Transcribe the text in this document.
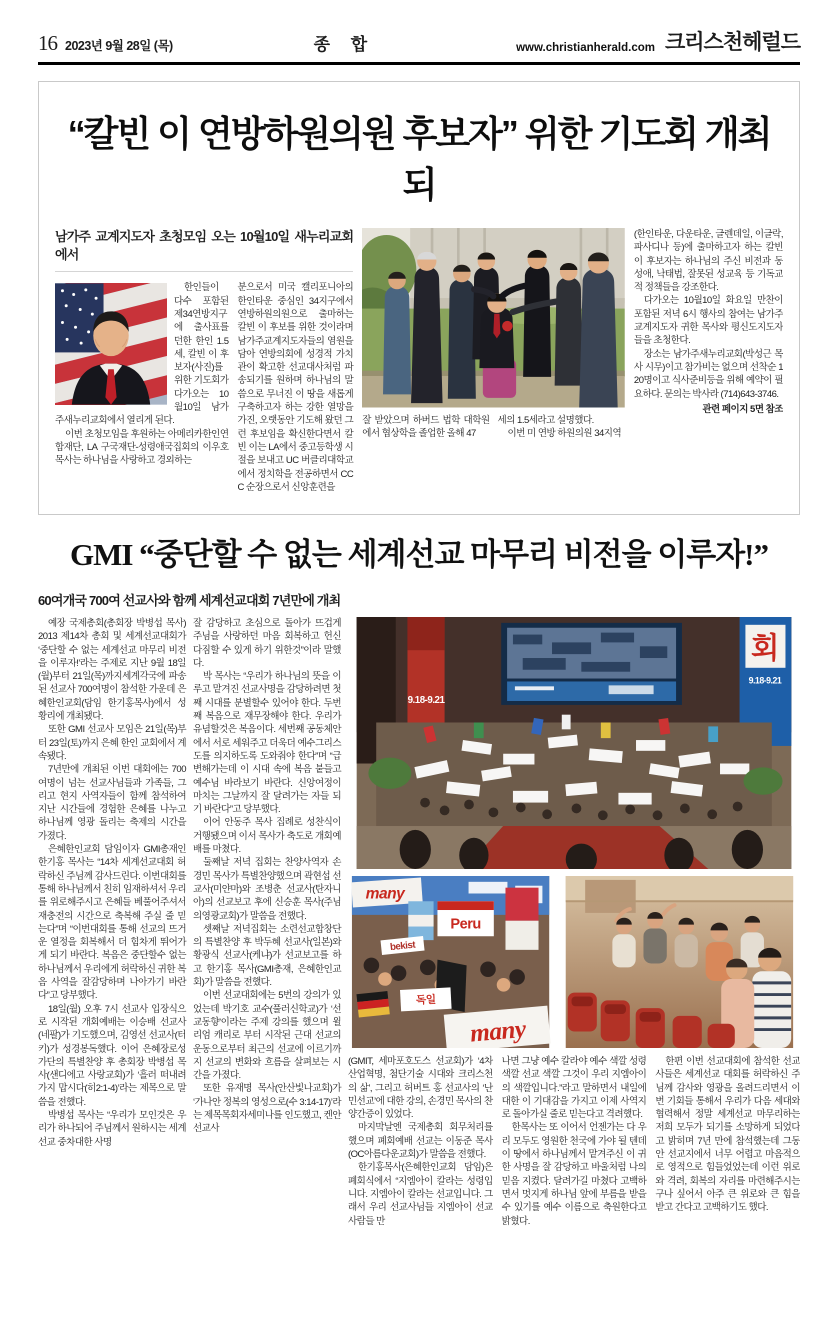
16 2023년 9월 28일 (목)	종 합	www.christianherald.com 크리스천헤럴드
“칼빈 이 연방하원의원 후보자” 위한 기도회 개최되
남가주 교계지도자 초청모임 오는 10월10일 새누리교회에서

한인들이 다수 포함된 제34연방지구에 출사표를 던한 한인 1.5세, 칼빈 이 후보자(사진)를 위한 기도회가 다가오는 10월10일 남가주새누리교회에서 열리게 된다.

이번 초청모임을 후원하는 아메리카한인연합재단, LA 구국재단-성령애국집회의 이우호목사는 하나님을 사랑하고 경외하는

분으로서 미국 캘리포니아의 한인타운 중심인 34지구에서 연방하원의원으로 출마하는 칼빈 이 후보를 위한 것이라며 남가주교계지도자들의 염원을 담아 연방의회에 성경적 가치관이 확고한 선교대사처럼 파송되기를 원하며 하나님의 말씀으로 무너진 이 땅을 새롭게 구축하고자 하는 강한 열망을 가진, 오랫동안 기도해 왔던 그런 후보임을 확신한다면서 칼빈 이는 LA에서 중고등학생 시절을 보내고 UC 버클리대학교에서 정치학을 전공하면서 CCC 순장으로서 신앙훈련을

잘 받았으며 하버드 법학 대학원에서 협상학을 졸업한 올해 47

세의 1.5세라고 설명했다.

이번 미 연방 하원의원 34지역

(한인타운, 다운타운, 글렌데일, 이글락, 파사디나 등)에 출마하고자 하는 칼빈 이 후보자는 하나님의 주신 비전과 동성애, 낙태법, 잘못된 성교육 등 기독교적 정책들을 강조한다.

다가오는 10월10일 화요일 만찬이 포함된 저녁 6시 행사의 참여는 남가주교계지도자 귀한 목사와 평신도지도자들을 초청한다.

장소는 남가주새누리교회(박성근 목사 시무)이고 참가비는 없으며 선착순 120명이고 식사준비등을 위해 예약이 필요하다. 문의는 박사라 (714)643-3746.

관련 페이지 5면 참조
GMI “중단할 수 없는 세계선교 마무리 비전을 이루자!”
60여개국 700여 선교사와 함께 세계선교대회 7년만에 개최

예장 국제총회(총회장 박병섭 목사) 2013 제14차 총회 및 세계선교대회가 ‘중단할 수 없는 세계선교 마무리 비전을 이루자!’라는 주제로 지난 9월 18일(월)부터 21일(목)까지세계각국에 파송된 선교사 700여명이 참석한 가운데 은혜한인교회(담임 한기홍목사)에서 성황리에 개최됐다.

또한 GMI 선교사 모임은 21일(목)부터 23일(토)까지 은혜 한인 교회에서 계속됐다.

7년만에 개최된 이번 대회에는 700여명이 넘는 선교사님들과 가족들, 그리고 현지 사역자들이 함께 참석하여 지난 시간들에 경험한 은혜를 나누고 하나님께 영광 돌리는 축제의 시간을 가졌다.

은혜한인교회 담임이자 GMI총재인 한기홍 목사는 “14차 세계선교대회 허락하신 주님께 감사드린다. 이번대회를 통해 하나님께서 친히 임재하셔서 우리를 위로해주시고 은혜들 베풀어주셔서 재충전의 시간으로 축복해 주실 줄 믿는다”며 “이번대회를 통해 선교의 뜨거운 열정을 회복해서 더 힘차게 뛰어가게 되기 바란다. 복음은 중단할수 없는 하나님께서 우리에게 허락하신 귀한 복음 사역을 잘감당하며 나아가기 바란다”고 당부했다.

18일(월) 오후 7시 선교사 입장식으로 시작된 개회예배는 이승배 선교사(네팔)가 기도했으며, 김영선 선교사(터키)가 성경봉독했다. 이어 은혜장로성가단의 특별찬양 후 총회장 박병섭 목사(샌디에고 사랑교회)가 ‘흘러 떠내려 가지 맙시다(히2:1-4)’라는 제목으로 말씀을 전했다.

박병섭 목사는 “우리가 모인것은 우리가 하나되어 주님께서 원하시는 세계선교 중차대한 사명

잘 감당하고 초심으로 돌아가 뜨겁게 주님을 사랑하던 마음 회복하고 헌신 다짐할 수 있게 하기 위한것”이라 말했다.

박 목사는 “우리가 하나님의 뜻을 이루고 맡겨진 선교사명을 감당하려면 첫째 시대를 분별할수 있어야 한다. 두번째 복음으로 재무장해야 한다. 우리가 유념할것은 복음이다. 세번째 공동체안에서 서로 세워주고 더욱더 예수그리스도를 의지하도록 도와줘야 한다”며 “급변해가는데 이 시대 속에 복음 붙들고 예수님 바라보기 바란다. 신앙여정이 마치는 그날까지 잘 달려가는 자들 되기 바란다”고 당부했다.

이어 안동주 목사 집례로 성찬식이 거행됐으며 이서 목사가 축도로 개회예배를 마쳤다.

둘째날 저녁 집회는 찬양사역자 손경민 목사가 특별찬양했으며 곽현섭 선교사(미얀마)와 조병춘 선교사(탄자니아)의 선교보고 후에 신승훈 목사(주님의영광교회)가 말씀을 전했다.

셋째날 저녁집회는 소련선교합창단의 특별찬양 후 박두혜 선교사(일본)와 황광식 선교사(케냐)가 선교보고를 하고 한기홍 목사(GMI총재, 은혜한인교회)가 말씀을 전했다.

이번 선교대회에는 5번의 강의가 있었는데 박기호 교수(풀러신학교)가 ‘선교동향’이라는 주제 강의를 했으며 윌리엄 캐리로 부터 시작된 근대 선교의 운동으로부터 최근의 선교에 이르기까지 선교의 변화와 흐름을 살펴보는 시간을 가졌다.

또한 유재명 목사(안산빛나교회)가 ‘가나안 정복의 영성으로(수 3:14-17)’라는 제목목회자세미나를 인도했고, 켄안 선교사

9.18-9.21
회
9.18-9.21
many
Peru
bekist
독일
many

(GMIT, 세마포호도스 선교회)가 ‘4차산업혁명, 첨단기술 시대와 크리스천의 삶’, 그리고 허버트 홍 선교사의 ‘난민선교’에 대한 강의, 손경민 목사의 찬양간증이 있었다.

마지막날엔 국제총회 회무처리를 했으며 폐회예배 선교는 이동준 목사(OC아름다운교회)가 말씀을 전했다.

한기홍목사(은혜한인교회 담임)은 폐회식에서 “지엠아이 칼라는 성령입니다. 지엠아이 칼라는 선교입니다. 그래서 우리 선교사님들 지엠아이 선교 사람들 만

나면 그냥 예수 칼라야 예수 색깔 성령 색깔 선교 색깔 그것이 우리 지엠아이의 색깔입니다.”라고 말하면서 내일에 대한 이 기대감을 가지고 이제 사역지로 돌아가실 줄로 믿는다고 격려했다.

한목사는 또 이어서 언젠가는 다 우리 모두도 영원한 천국에 가야 될 텐데 이 땅에서 하나님께서 맡겨주신 이 귀한 사명을 잘 감당하고 바울처럼 나의 믿음 지켰다. 달려가길 마쳤다 고백하면서 멋지게 하나님 앞에 부름을 받을 수 있기를 예수 이름으로 축원한다고 밝혔다.

한편 이번 선교대회에 참석한 선교사들은 세계선교 대회를 허락하신 주님께 감사와 영광을 올려드리면서 이번 기회들 통해서 우리가 다음 세대와 협력해서 정말 세계선교 마무리하는 저희 모두가 되기를 소망하게 되었다고 밝히며 7년 만에 참석했는데 그동안 선교지에서 너무 어렵고 마음적으로 영적으로 힘들었었는데 이런 위로와 격려, 회복의 자리를 마련해주시는구나 싶어서 아주 큰 위로와 큰 힘을 받고 간다고 고백하기도 했다.
